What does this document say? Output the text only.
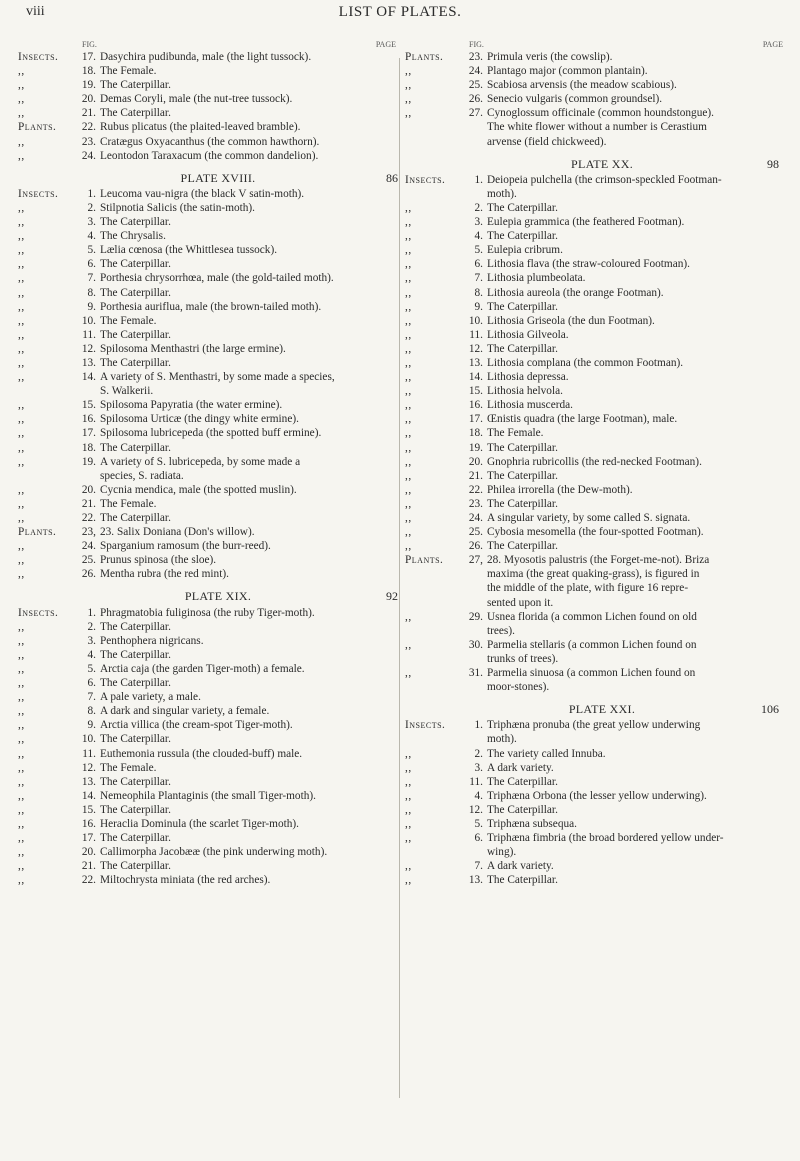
viii	LIST OF PLATES.
FIG.	PAGE
Insects.	17. Dasychira pudibunda, male (the light tussock).
,,	18. The Female.
,,	19. The Caterpillar.
,,	20. Demas Coryli, male (the nut-tree tussock).
,,	21. The Caterpillar.
Plants.	22. Rubus plicatus (the plaited-leaved bramble).
,,	23. Cratægus Oxyacanthus (the common hawthorn).
,,	24. Leontodon Taraxacum (the common dandelion).
PLATE XVIII.	86
Insects.	1. Leucoma vau-nigra (the black V satin-moth).
,,	2. Stilpnotia Salicis (the satin-moth).
,,	3. The Caterpillar.
,,	4. The Chrysalis.
,,	5. Lælia cœnosa (the Whittlesea tussock).
,,	6. The Caterpillar.
,,	7. Porthesia chrysorrhœa, male (the gold-tailed moth).
,,	8. The Caterpillar.
,,	9. Porthesia auriflua, male (the brown-tailed moth).
,,	10. The Female.
,,	11. The Caterpillar.
,,	12. Spilosoma Menthastri (the large ermine).
,,	13. The Caterpillar.
,,	14. A variety of S. Menthastri, by some made a species,
S. Walkerii.
,,	15. Spilosoma Papyratia (the water ermine).
,,	16. Spilosoma Urticæ (the dingy white ermine).
,,	17. Spilosoma lubricepeda (the spotted buff ermine).
,,	18. The Caterpillar.
,,	19. A variety of S. lubricepeda, by some made a
species, S. radiata.
,,	20. Cycnia mendica, male (the spotted muslin).
,,	21. The Female.
,,	22. The Caterpillar.
Plants.	23, 23. Salix Doniana (Don's willow).
,,	24. Sparganium ramosum (the burr-reed).
,,	25. Prunus spinosa (the sloe).
,,	26. Mentha rubra (the red mint).
PLATE XIX.	92
Insects.	1. Phragmatobia fuliginosa (the ruby Tiger-moth).
,,	2. The Caterpillar.
,,	3. Penthophera nigricans.
,,	4. The Caterpillar.
,,	5. Arctia caja (the garden Tiger-moth) a female.
,,	6. The Caterpillar.
,,	7. A pale variety, a male.
,,	8. A dark and singular variety, a female.
,,	9. Arctia villica (the cream-spot Tiger-moth).
,,	10. The Caterpillar.
,,	11. Euthemonia russula (the clouded-buff) male.
,,	12. The Female.
,,	13. The Caterpillar.
,,	14. Nemeophila Plantaginis (the small Tiger-moth).
,,	15. The Caterpillar.
,,	16. Heraclia Dominula (the scarlet Tiger-moth).
,,	17. The Caterpillar.
,,	20. Callimorpha Jacobææ (the pink underwing moth).
,,	21. The Caterpillar.
,,	22. Miltochrysta miniata (the red arches).
FIG.	PAGE
Plants.	23. Primula veris (the cowslip).
,,	24. Plantago major (common plantain).
,,	25. Scabiosa arvensis (the meadow scabious).
,,	26. Senecio vulgaris (common groundsel).
,,	27. Cynoglossum officinale (common houndstongue).
The white flower without a number is Cerastium
arvense (field chickweed).
PLATE XX.	98
Insects.	1. Deiopeia pulchella (the crimson-speckled Footman-
moth).
,,	2. The Caterpillar.
,,	3. Eulepia grammica (the feathered Footman).
,,	4. The Caterpillar.
,,	5. Eulepia cribrum.
,,	6. Lithosia flava (the straw-coloured Footman).
,,	7. Lithosia plumbeolata.
,,	8. Lithosia aureola (the orange Footman).
,,	9. The Caterpillar.
,,	10. Lithosia Griseola (the dun Footman).
,,	11. Lithosia Gilveola.
,,	12. The Caterpillar.
,,	13. Lithosia complana (the common Footman).
,,	14. Lithosia depressa.
,,	15. Lithosia helvola.
,,	16. Lithosia muscerda.
,,	17. Œnistis quadra (the large Footman), male.
,,	18. The Female.
,,	19. The Caterpillar.
,,	20. Gnophria rubricollis (the red-necked Footman).
,,	21. The Caterpillar.
,,	22. Philea irrorella (the Dew-moth).
,,	23. The Caterpillar.
,,	24. A singular variety, by some called S. signata.
,,	25. Cybosia mesomella (the four-spotted Footman).
,,	26. The Caterpillar.
Plants.	27, 28. Myosotis palustris (the Forget-me-not). Briza
maxima (the great quaking-grass), is figured in
the middle of the plate, with figure 16 repre-
sented upon it.
,,	29. Usnea florida (a common Lichen found on old
trees).
,,	30. Parmelia stellaris (a common Lichen found on
trunks of trees).
,,	31. Parmelia sinuosa (a common Lichen found on
moor-stones).
PLATE XXI.	106
Insects.	1. Triphæna pronuba (the great yellow underwing
moth).
,,	2. The variety called Innuba.
,,	3. A dark variety.
,,	11. The Caterpillar.
,,	4. Triphæna Orbona (the lesser yellow underwing).
,,	12. The Caterpillar.
,,	5. Triphæna subsequa.
,,	6. Triphæna fimbria (the broad bordered yellow under-
wing).
,,	7. A dark variety.
,,	13. The Caterpillar.
